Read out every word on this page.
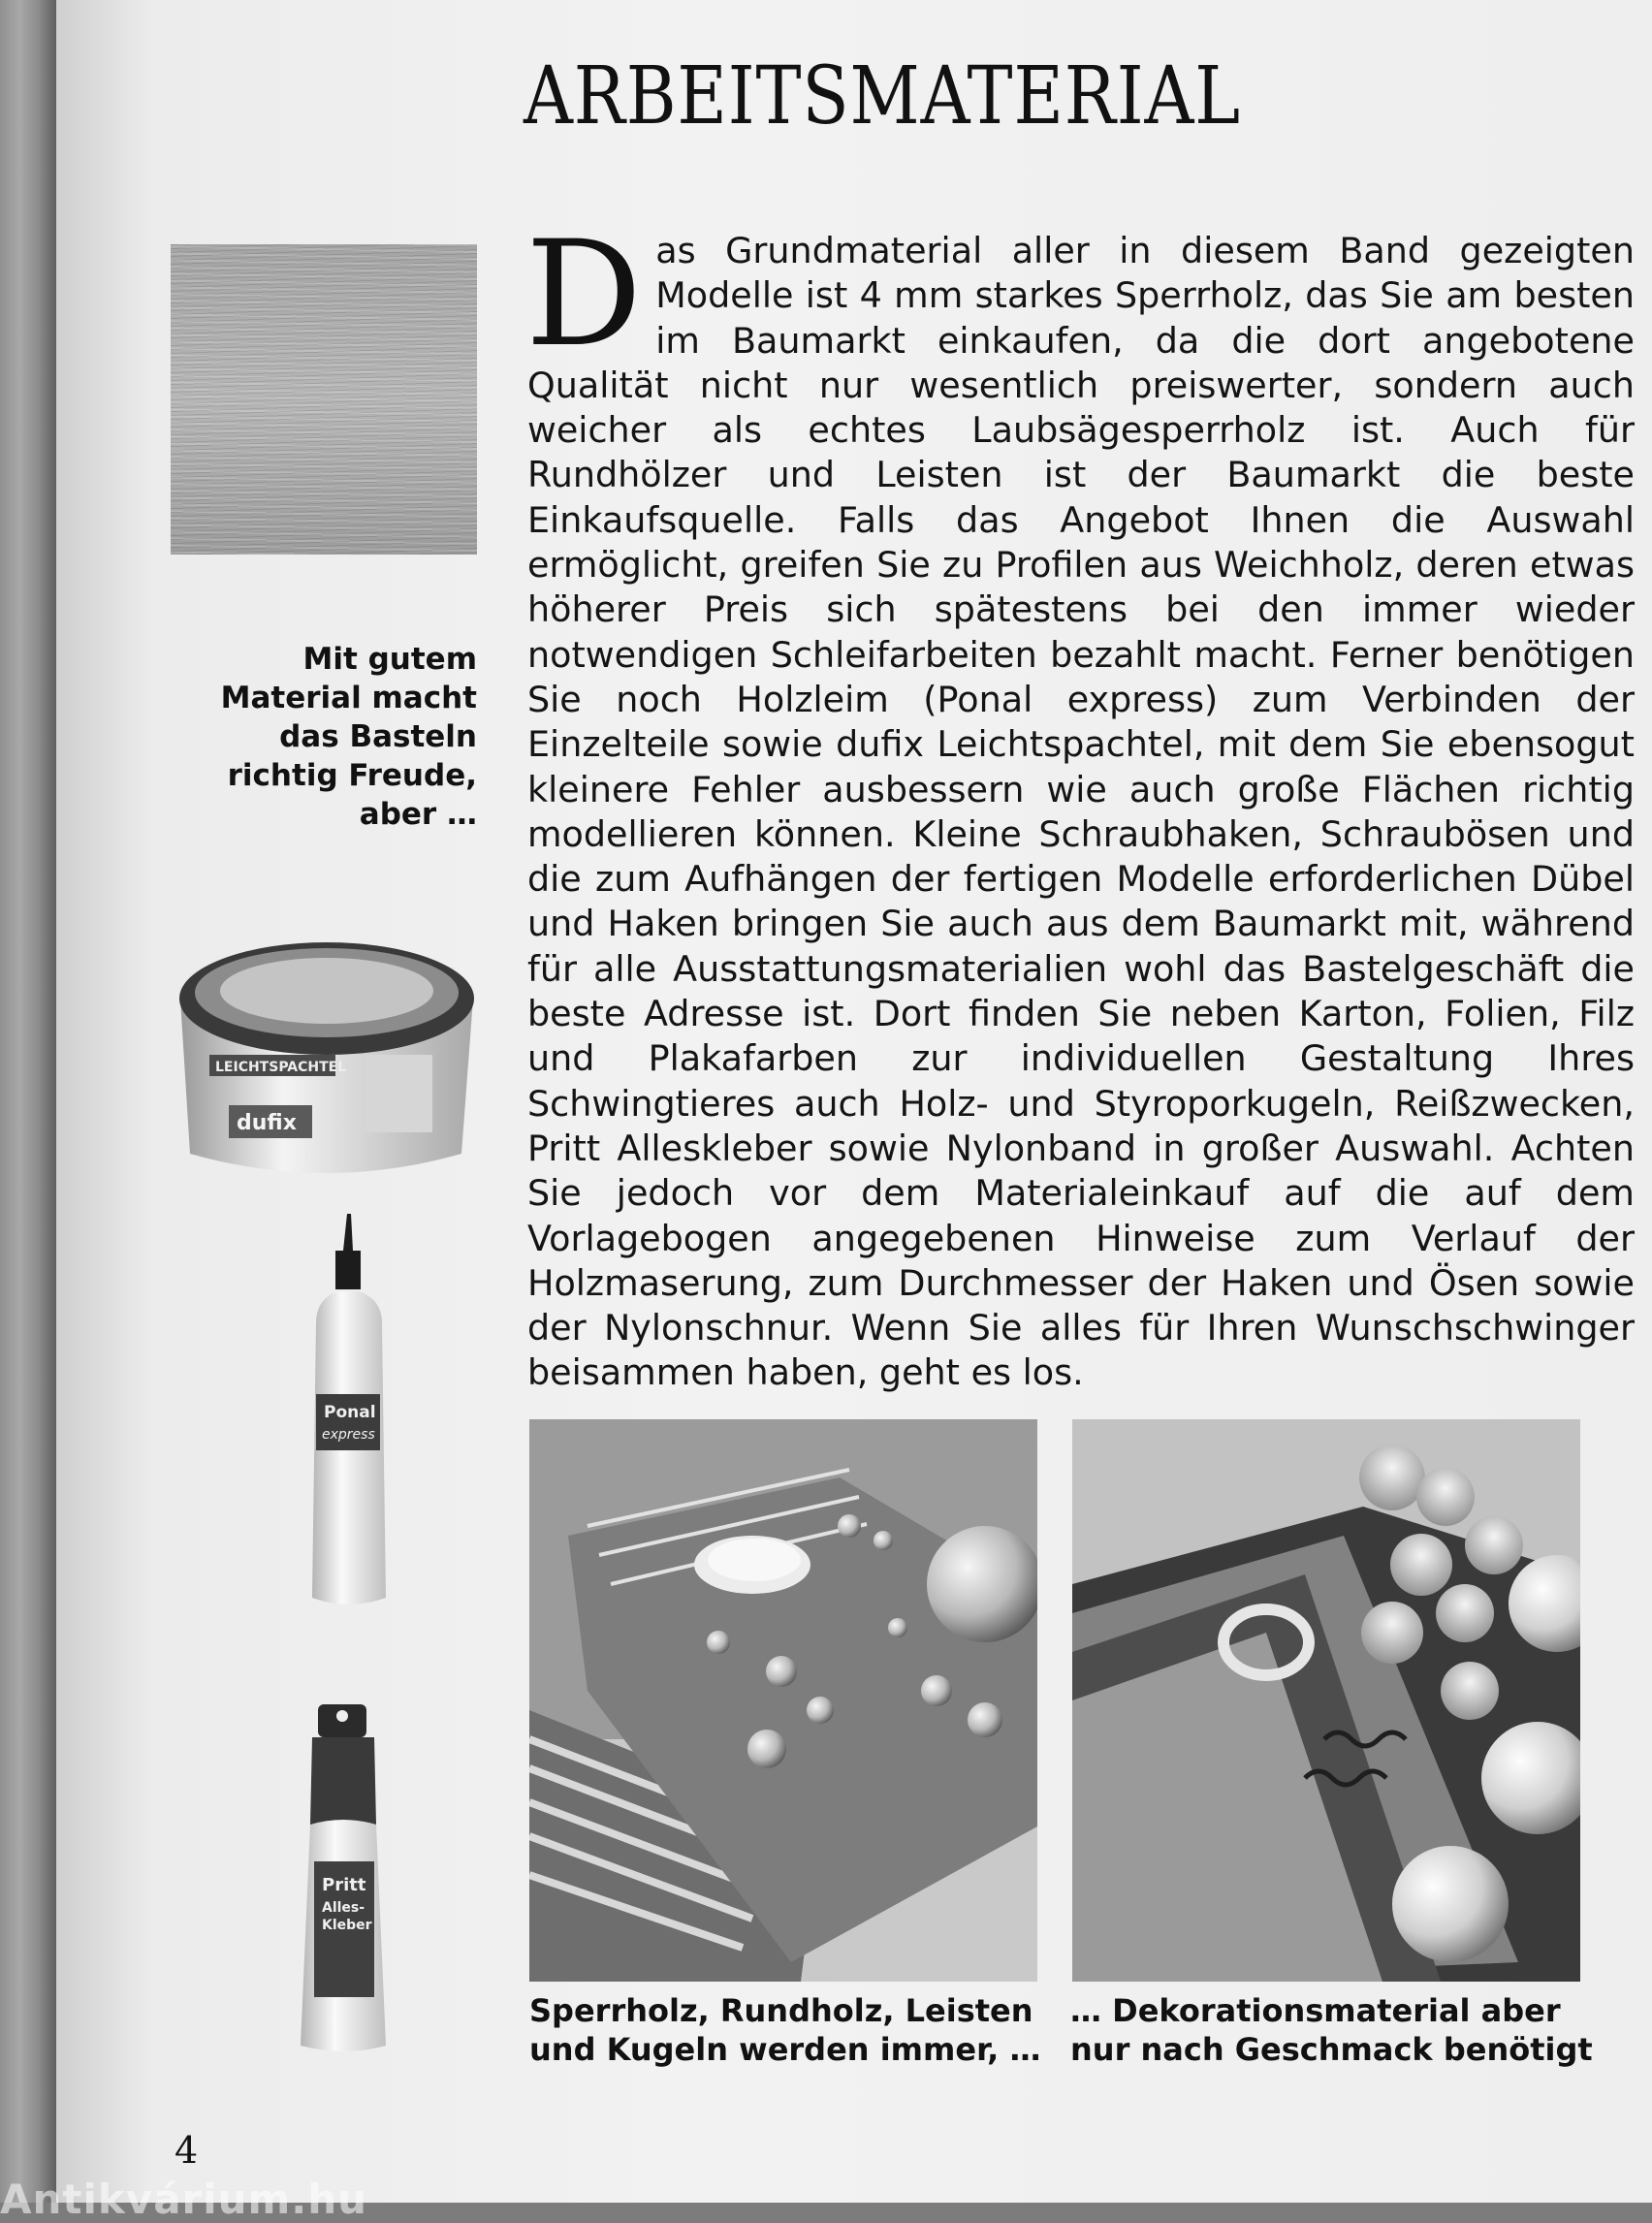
ARBEITSMATERIAL

Mit gutem Material macht das Basteln richtig Freude, aber …

Das Grundmaterial aller in diesem Band gezeigten Modelle ist 4 mm starkes Sperrholz, das Sie am besten im Baumarkt einkaufen, da die dort angebotene Qualität nicht nur wesentlich preiswerter, sondern auch weicher als echtes Laubsägesperrholz ist. Auch für Rundhölzer und Leisten ist der Baumarkt die beste Einkaufsquelle. Falls das Angebot Ihnen die Auswahl ermöglicht, greifen Sie zu Profilen aus Weichholz, deren etwas höherer Preis sich spätestens bei den immer wieder notwendigen Schleifarbeiten bezahlt macht. Ferner benötigen Sie noch Holzleim (Ponal express) zum Verbinden der Einzelteile sowie dufix Leichtspachtel, mit dem Sie ebensogut kleinere Fehler ausbessern wie auch große Flächen richtig modellieren können. Kleine Schraubhaken, Schraubösen und die zum Aufhängen der fertigen Modelle erforderlichen Dübel und Haken bringen Sie auch aus dem Baumarkt mit, während für alle Ausstattungsmaterialien wohl das Bastelgeschäft die beste Adresse ist. Dort finden Sie neben Karton, Folien, Filz und Plakafarben zur individuellen Gestaltung Ihres Schwingtieres auch Holz- und Styroporkugeln, Reißzwecken, Pritt Alleskleber sowie Nylonband in großer Auswahl. Achten Sie jedoch vor dem Materialeinkauf auf die auf dem Vorlagebogen angegebenen Hinweise zum Verlauf der Holzmaserung, zum Durchmesser der Haken und Ösen sowie der Nylonschnur. Wenn Sie alles für Ihren Wunschschwinger beisammen haben, geht es los.

LEICHTSPACHTEL
dufix
Ponal
express
Pritt
Alles-
Kleber

Sperrholz, Rundholz, Leisten und Kugeln werden immer, …

… Dekorationsmaterial aber nur nach Geschmack benötigt

4

Antikvárium.hu
